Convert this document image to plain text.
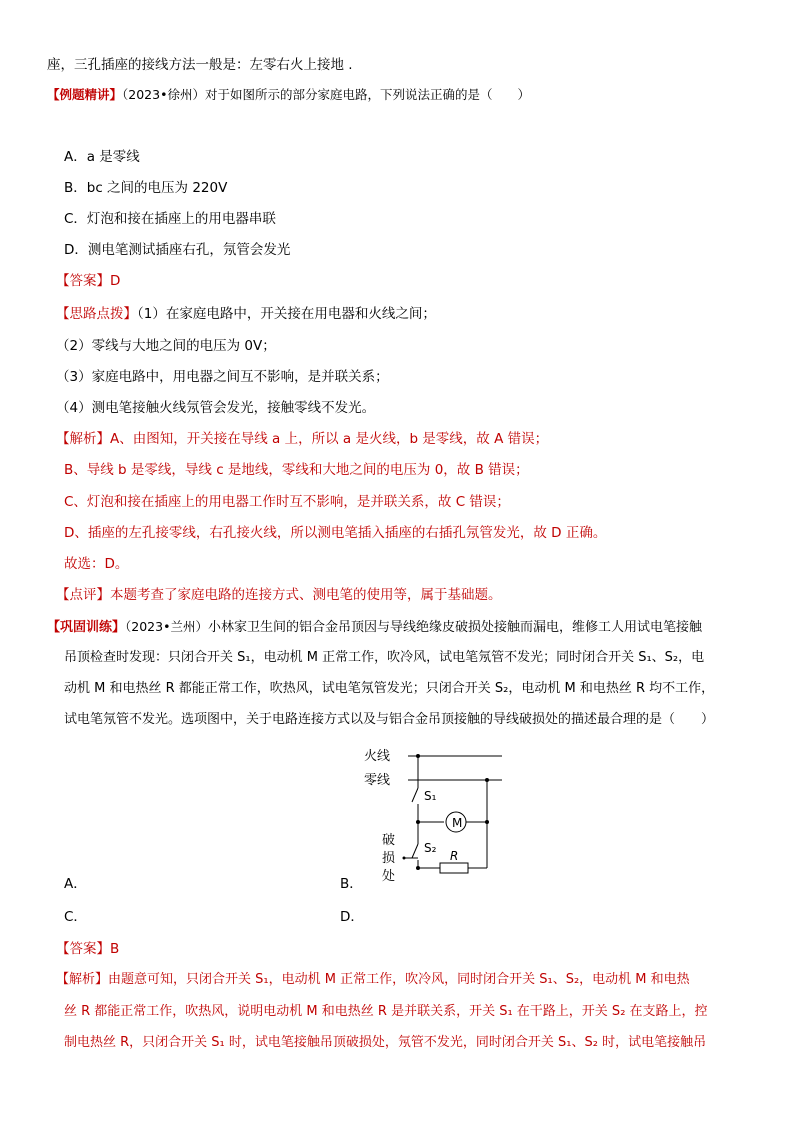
座，三孔插座的接线方法一般是：左零右火上接地 .
【例题精讲】（2023•徐州）对于如图所示的部分家庭电路，下列说法正确的是（　　）
A．a 是零线
B．bc 之间的电压为 220V
C．灯泡和接在插座上的用电器串联
D．测电笔测试插座右孔，氖管会发光
【答案】D
【思路点拨】（1）在家庭电路中，开关接在用电器和火线之间；
（2）零线与大地之间的电压为 0V；
（3）家庭电路中，用电器之间互不影响，是并联关系；
（4）测电笔接触火线氖管会发光，接触零线不发光。
【解析】A、由图知，开关接在导线 a 上，所以 a 是火线，b 是零线，故 A 错误；
B、导线 b 是零线，导线 c 是地线，零线和大地之间的电压为 0，故 B 错误；
C、灯泡和接在插座上的用电器工作时互不影响，是并联关系，故 C 错误；
D、插座的左孔接零线，右孔接火线，所以测电笔插入插座的右插孔氖管发光，故 D 正确。
故选：D。
【点评】本题考查了家庭电路的连接方式、测电笔的使用等，属于基础题。
【巩固训练】（2023•兰州）小林家卫生间的铝合金吊顶因与导线绝缘皮破损处接触而漏电，维修工人用试电笔接触
吊顶检查时发现：只闭合开关 S₁，电动机 M 正常工作，吹冷风，试电笔氖管不发光；同时闭合开关 S₁、S₂，电
动机 M 和电热丝 R 都能正常工作，吹热风，试电笔氖管发光；只闭合开关 S₂，电动机 M 和电热丝 R 均不工作，
试电笔氖管不发光。选项图中，关于电路连接方式以及与铝合金吊顶接触的导线破损处的描述最合理的是（　　）
火线
零线
S₁
M
S₂
R
破
损
处
A．	B．
C．	D．
【答案】B
【解析】由题意可知，只闭合开关 S₁，电动机 M 正常工作，吹冷风，同时闭合开关 S₁、S₂，电动机 M 和电热
丝 R 都能正常工作，吹热风，说明电动机 M 和电热丝 R 是并联关系，开关 S₁ 在干路上，开关 S₂ 在支路上，控
制电热丝 R，只闭合开关 S₁ 时，试电笔接触吊顶破损处，氖管不发光，同时闭合开关 S₁、S₂ 时，试电笔接触吊
